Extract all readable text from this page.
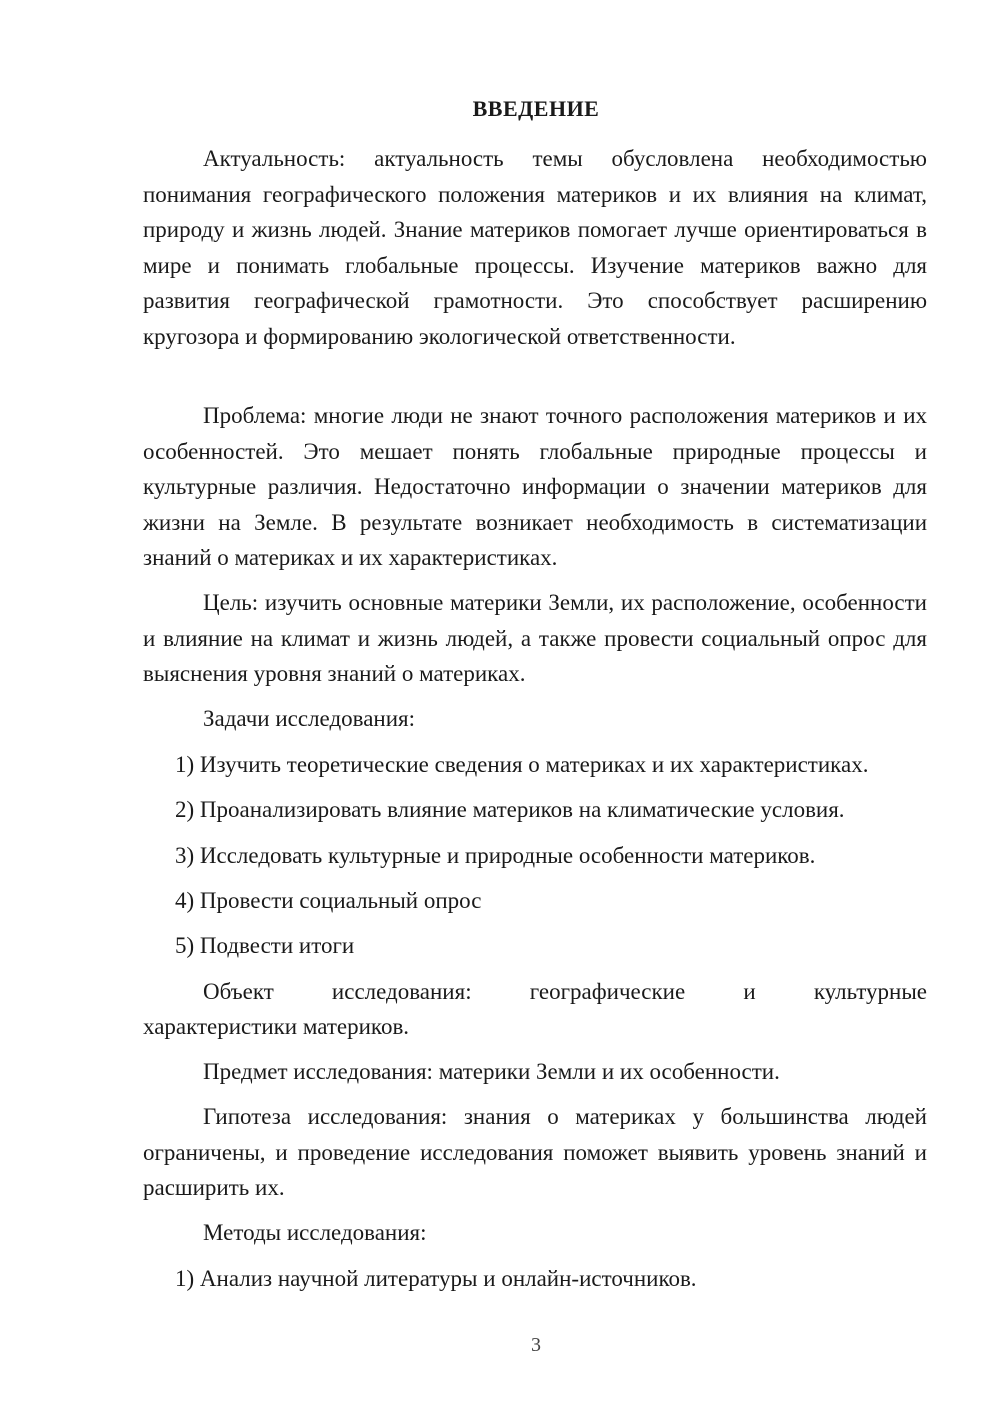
ВВЕДЕНИЕ

Актуальность: актуальность темы обусловлена необходимостью понимания географического положения материков и их влияния на климат, природу и жизнь людей. Знание материков помогает лучше ориентироваться в мире и понимать глобальные процессы. Изучение материков важно для развития географической грамотности. Это способствует расширению кругозора и формированию экологической ответственности.

Проблема: многие люди не знают точного расположения материков и их особенностей. Это мешает понять глобальные природные процессы и культурные различия. Недостаточно информации о значении материков для жизни на Земле. В результате возникает необходимость в систематизации знаний о материках и их характеристиках.

Цель: изучить основные материки Земли, их расположение, особенности и влияние на климат и жизнь людей, а также провести социальный опрос для выяснения уровня знаний о материках.

Задачи исследования:

1) Изучить теоретические сведения о материках и их характеристиках.

2) Проанализировать влияние материков на климатические условия.

3) Исследовать культурные и природные особенности материков.

4) Провести социальный опрос

5) Подвести итоги

Объект	исследования:	географические	и	культурные

характеристики материков.

Предмет исследования: материки Земли и их особенности.

Гипотеза исследования: знания о материках у большинства людей ограничены, и проведение исследования поможет выявить уровень знаний и расширить их.

Методы исследования:

1) Анализ научной литературы и онлайн-источников.

3
